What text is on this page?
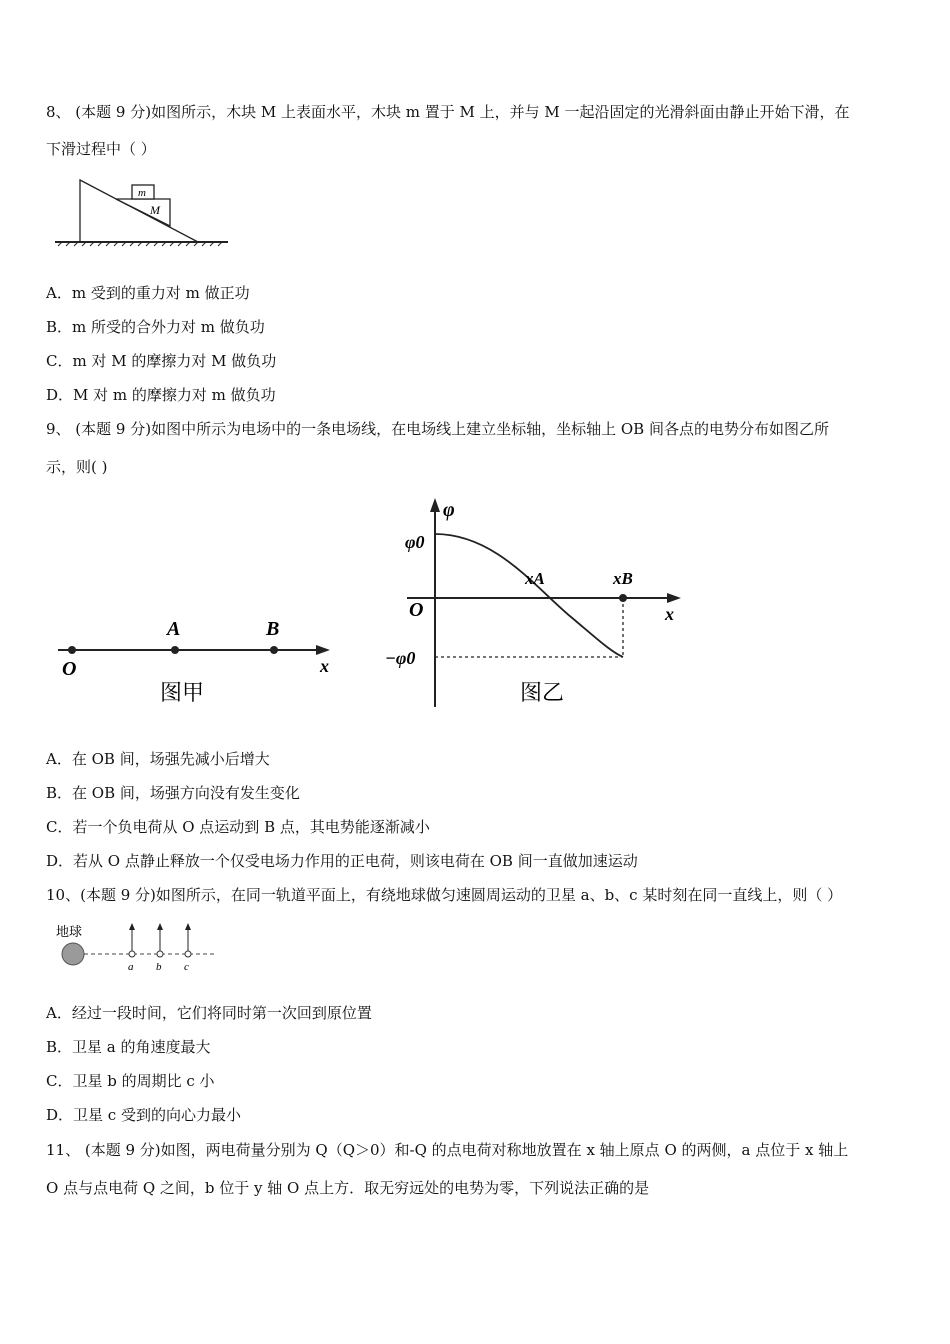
8、 (本题 9 分)如图所示，木块 M 上表面水平，木块 m 置于 M 上，并与 M 一起沿固定的光滑斜面由静止开始下滑，在
下滑过程中（ ）
m
M
A．m 受到的重力对 m 做正功
B．m 所受的合外力对 m 做负功
C．m 对 M 的摩擦力对 M 做负功
D．M 对 m 的摩擦力对 m 做负功
9、 (本题 9 分)如图中所示为电场中的一条电场线，在电场线上建立坐标轴，坐标轴上 OB 间各点的电势分布如图乙所
示，则( )
O
A	B
x
图甲
φ
φ0
O
−φ0
xA	xB
x
图乙
A．在 OB 间，场强先减小后增大
B．在 OB 间，场强方向没有发生变化
C．若一个负电荷从 O 点运动到 B 点，其电势能逐渐减小
D．若从 O 点静止释放一个仅受电场力作用的正电荷，则该电荷在 OB 间一直做加速运动
10、(本题 9 分)如图所示，在同一轨道平面上，有绕地球做匀速圆周运动的卫星 a、b、c 某时刻在同一直线上，则（ ）
地球
a b c
A．经过一段时间，它们将同时第一次回到原位置
B．卫星 a 的角速度最大
C．卫星 b 的周期比 c 小
D．卫星 c 受到的向心力最小
11、 (本题 9 分)如图，两电荷量分别为 Q（Q＞0）和-Q 的点电荷对称地放置在 x 轴上原点 O 的两侧，a 点位于 x 轴上
O 点与点电荷 Q 之间，b 位于 y 轴 O 点上方．取无穷远处的电势为零，下列说法正确的是
